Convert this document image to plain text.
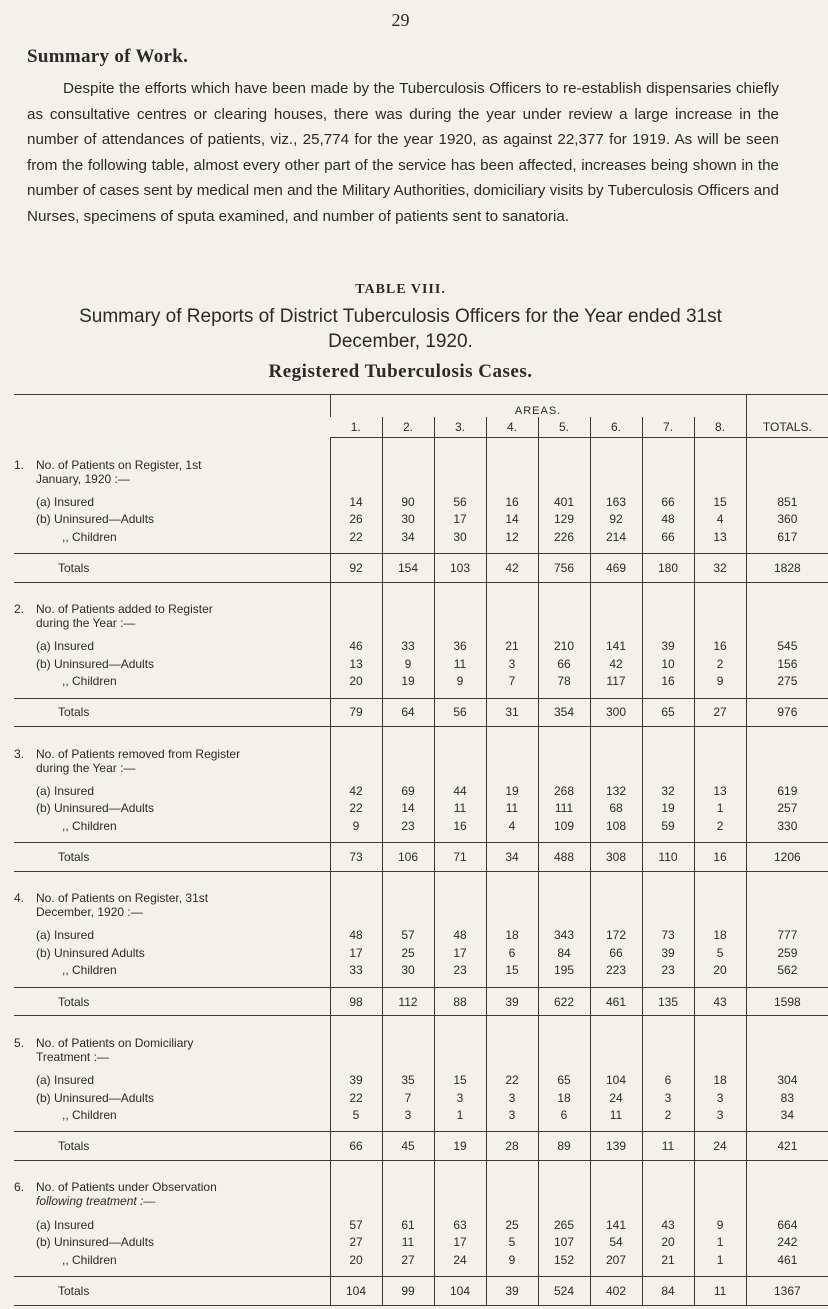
29
Summary of Work.

Despite the efforts which have been made by the Tuberculosis Officers to re-establish dispensaries chiefly as consultative centres or clearing houses, there was during the year under review a large increase in the number of attendances of patients, viz., 25,774 for the year 1920, as against 22,377 for 1919. As will be seen from the following table, almost every other part of the service has been affected, increases being shown in the number of cases sent by medical men and the Military Authorities, domiciliary visits by Tuberculosis Officers and Nurses, specimens of sputa examined, and number of patients sent to sanatoria.

TABLE VIII.

Summary of Reports of District Tuberculosis Officers for the Year ended 31st December, 1920.

Registered Tuberculosis Cases.
	AREAS.								
	1.	2.	3.	4.	5.	6.	7.	8.	TOTALS.
1. No. of Patients on Register, 1st
January, 1920 :—									

(a) Insured	14	90	56	16	401	163	66	15	851
(b) Uninsured—Adults	26	30	17	14	129	92	48	4	360
,, Children	22	34	30	12	226	214	66	13	617

Totals	92	154	103	42	756	469	180	32	1828
2. No. of Patients added to Register
during the Year :—									

(a) Insured	46	33	36	21	210	141	39	16	545
(b) Uninsured—Adults	13	9	11	3	66	42	10	2	156
,, Children	20	19	9	7	78	117	16	9	275

Totals	79	64	56	31	354	300	65	27	976
3. No. of Patients removed from Register
during the Year :—									

(a) Insured	42	69	44	19	268	132	32	13	619
(b) Uninsured—Adults	22	14	11	11	111	68	19	1	257
,, Children	9	23	16	4	109	108	59	2	330

Totals	73	106	71	34	488	308	110	16	1206
4. No. of Patients on Register, 31st
December, 1920 :—									

(a) Insured	48	57	48	18	343	172	73	18	777
(b) Uninsured Adults	17	25	17	6	84	66	39	5	259
,, Children	33	30	23	15	195	223	23	20	562

Totals	98	112	88	39	622	461	135	43	1598
5. No. of Patients on Domiciliary
Treatment :—									

(a) Insured	39	35	15	22	65	104	6	18	304
(b) Uninsured—Adults	22	7	3	3	18	24	3	3	83
,, Children	5	3	1	3	6	11	2	3	34

Totals	66	45	19	28	89	139	11	24	421
6. No. of Patients under Observation
following treatment :—									

(a) Insured	57	61	63	25	265	141	43	9	664
(b) Uninsured—Adults	27	11	17	5	107	54	20	1	242
,, Children	20	27	24	9	152	207	21	1	461

Totals	104	99	104	39	524	402	84	11	1367
